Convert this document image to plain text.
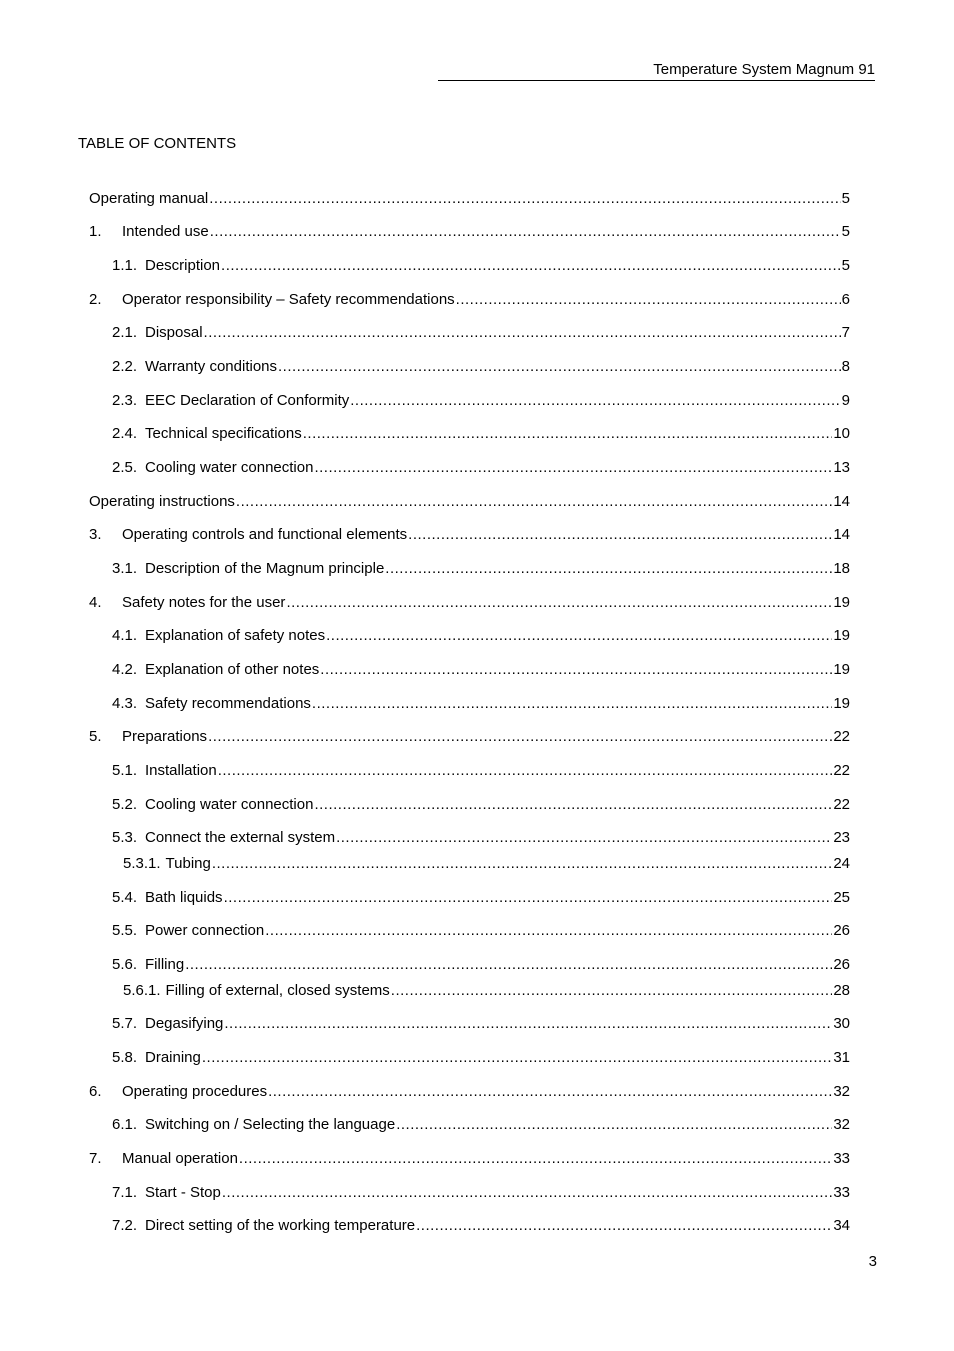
Temperature System Magnum 91
TABLE OF CONTENTS
Operating manual .....	5
1.	Intended use .....	5
1.1. Description .....	5
2.	Operator responsibility – Safety recommendations .....	6
2.1. Disposal .....	7
2.2. Warranty conditions .....	8
2.3. EEC Declaration of Conformity .....	9
2.4. Technical specifications .....	10
2.5. Cooling water connection .....	13
Operating instructions .....	14
3.	Operating controls and functional elements .....	14
3.1. Description of the Magnum principle .....	18
4.	Safety notes for the user .....	19
4.1. Explanation of safety notes .....	19
4.2. Explanation of other notes .....	19
4.3. Safety recommendations .....	19
5.	Preparations .....	22
5.1. Installation .....	22
5.2. Cooling water connection .....	22
5.3. Connect the external system .....	23
5.3.1. Tubing .....	24
5.4. Bath liquids .....	25
5.5. Power connection .....	26
5.6. Filling .....	26
5.6.1. Filling of external, closed systems .....	28
5.7. Degasifying .....	30
5.8. Draining .....	31
6.	Operating procedures .....	32
6.1. Switching on / Selecting the language .....	32
7.	Manual operation .....	33
7.1. Start - Stop .....	33
7.2. Direct setting of the working temperature .....	34
3
